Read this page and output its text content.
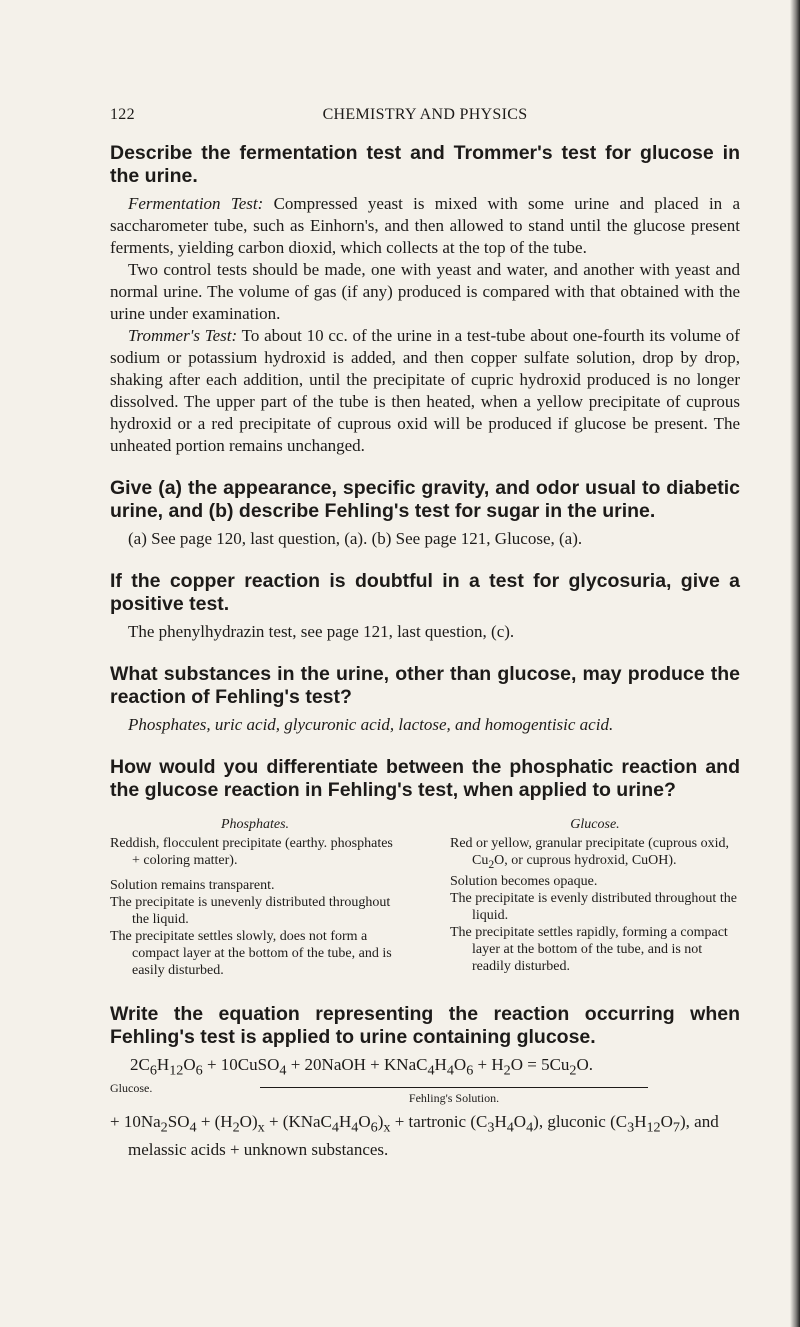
122	CHEMISTRY AND PHYSICS

Describe the fermentation test and Trommer's test for glucose in the urine.

Fermentation Test: Compressed yeast is mixed with some urine and placed in a saccharometer tube, such as Einhorn's, and then allowed to stand until the glucose present ferments, yielding carbon dioxid, which collects at the top of the tube.

Two control tests should be made, one with yeast and water, and another with yeast and normal urine. The volume of gas (if any) produced is compared with that obtained with the urine under examination.

Trommer's Test: To about 10 cc. of the urine in a test-tube about one-fourth its volume of sodium or potassium hydroxid is added, and then copper sulfate solution, drop by drop, shaking after each addition, until the precipitate of cupric hydroxid produced is no longer dissolved. The upper part of the tube is then heated, when a yellow precipitate of cuprous hydroxid or a red precipitate of cuprous oxid will be produced if glucose be present. The unheated portion remains unchanged.

Give (a) the appearance, specific gravity, and odor usual to diabetic urine, and (b) describe Fehling's test for sugar in the urine.

(a) See page 120, last question, (a). (b) See page 121, Glucose, (a).

If the copper reaction is doubtful in a test for glycosuria, give a positive test.

The phenylhydrazin test, see page 121, last question, (c).

What substances in the urine, other than glucose, may produce the reaction of Fehling's test?

Phosphates, uric acid, glycuronic acid, lactose, and homogentisic acid.

How would you differentiate between the phosphatic reaction and the glucose reaction in Fehling's test, when applied to urine?

Phosphates.
Reddish, flocculent precipitate (earthy. phosphates + coloring matter).
Solution remains transparent.
The precipitate is unevenly distributed throughout the liquid.
The precipitate settles slowly, does not form a compact layer at the bottom of the tube, and is easily disturbed.
Glucose.
Red or yellow, granular precipitate (cuprous oxid, $Cu_2O$, or cuprous hydroxid, CuOH).
Solution becomes opaque.
The precipitate is evenly distributed throughout the liquid.
The precipitate settles rapidly, forming a compact layer at the bottom of the tube, and is not readily disturbed.

Write the equation representing the reaction occurring when Fehling's test is applied to urine containing glucose.

$2C_6H_{12}O_6$ + 10CuSO$_4$ + 20NaOH + $KNaC_4H_4O_6 + H_2O = 5Cu_2O$.
Glucose.
Fehling's Solution.
+ $10Na_2SO_4 + (H_2O)_x$ + $(KNaC_4H_4O_6)_x$ + tartronic $(C_3H_4O_4)$, gluconic $(C_3H_{12}O_7)$, and melassic acids + unknown substances.
